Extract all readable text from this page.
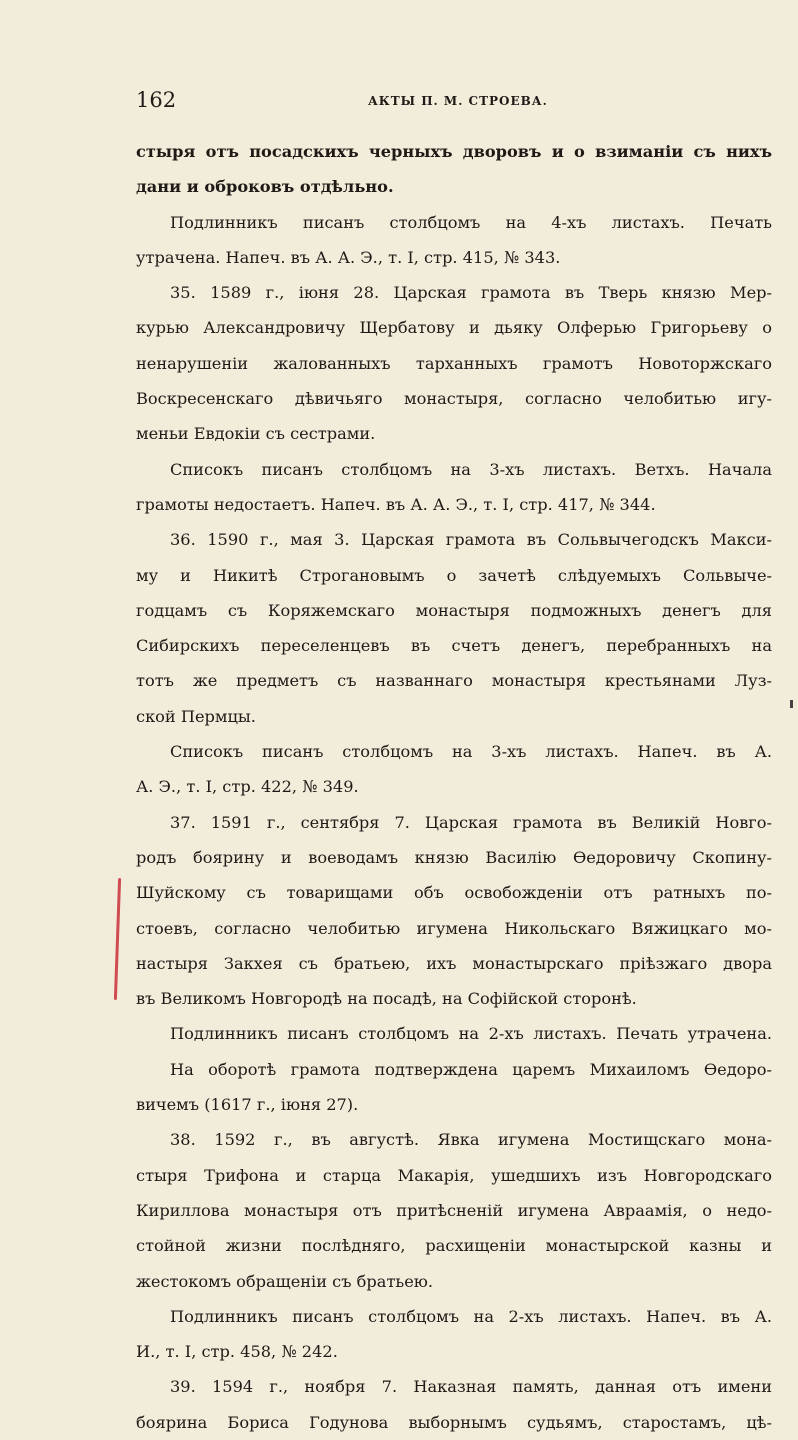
162	АКТЫ П. М. СТРОЕВА.
стыря отъ посадскихъ черныхъ дворовъ и о взиманіи съ нихъ
дани и оброковъ отдѣльно.
Подлинникъ писанъ столбцомъ на 4-хъ листахъ. Печать
утрачена. Напеч. въ А. А. Э., т. I, стр. 415, № 343.
35. 1589 г., іюня 28. Царская грамота въ Тверь князю Мер-
курью Александровичу Щербатову и дьяку Олферью Григорьеву о
ненарушеніи жалованныхъ тарханныхъ грамотъ Новоторжскаго
Воскресенскаго дѣвичьяго монастыря, согласно челобитью игу-
меньи Евдокіи съ сестрами.
Списокъ писанъ столбцомъ на 3-хъ листахъ. Ветхъ. Начала
грамоты недостаетъ. Напеч. въ А. А. Э., т. I, стр. 417, № 344.
36. 1590 г., мая 3. Царская грамота въ Сольвычегодскъ Макси-
му и Никитѣ Строгановымъ о зачетѣ слѣдуемыхъ Сольвыче-
годцамъ съ Коряжемскаго монастыря подможныхъ денегъ для
Сибирскихъ переселенцевъ въ счетъ денегъ, перебранныхъ на
тотъ же предметъ съ названнаго монастыря крестьянами Луз-
ской Пермцы.
Списокъ писанъ столбцомъ на 3-хъ листахъ. Напеч. въ А.
А. Э., т. I, стр. 422, № 349.
37. 1591 г., сентября 7. Царская грамота въ Великій Новго-
родъ боярину и воеводамъ князю Василію Ѳедоровичу Скопину-
Шуйскому съ товарищами объ освобожденіи отъ ратныхъ по-
стоевъ, согласно челобитью игумена Никольскаго Вяжицкаго мо-
настыря Закхея съ братьею, ихъ монастырскаго пріѣзжаго двора
въ Великомъ Новгородѣ на посадѣ, на Софійской сторонѣ.
Подлинникъ писанъ столбцомъ на 2-хъ листахъ. Печать утрачена.
На оборотѣ грамота подтверждена царемъ Михаиломъ Ѳедоро-
вичемъ (1617 г., іюня 27).
38. 1592 г., въ августѣ. Явка игумена Мостищскаго мона-
стыря Трифона и старца Макарія, ушедшихъ изъ Новгородскаго
Кириллова монастыря отъ притѣсненій игумена Авраамія, о недо-
стойной жизни послѣдняго, расхищеніи монастырской казны и
жестокомъ обращеніи съ братьею.
Подлинникъ писанъ столбцомъ на 2-хъ листахъ. Напеч. въ А.
И., т. I, стр. 458, № 242.
39. 1594 г., ноября 7. Наказная память, данная отъ имени
боярина Бориса Годунова выборнымъ судьямъ, старостамъ, цѣ-
